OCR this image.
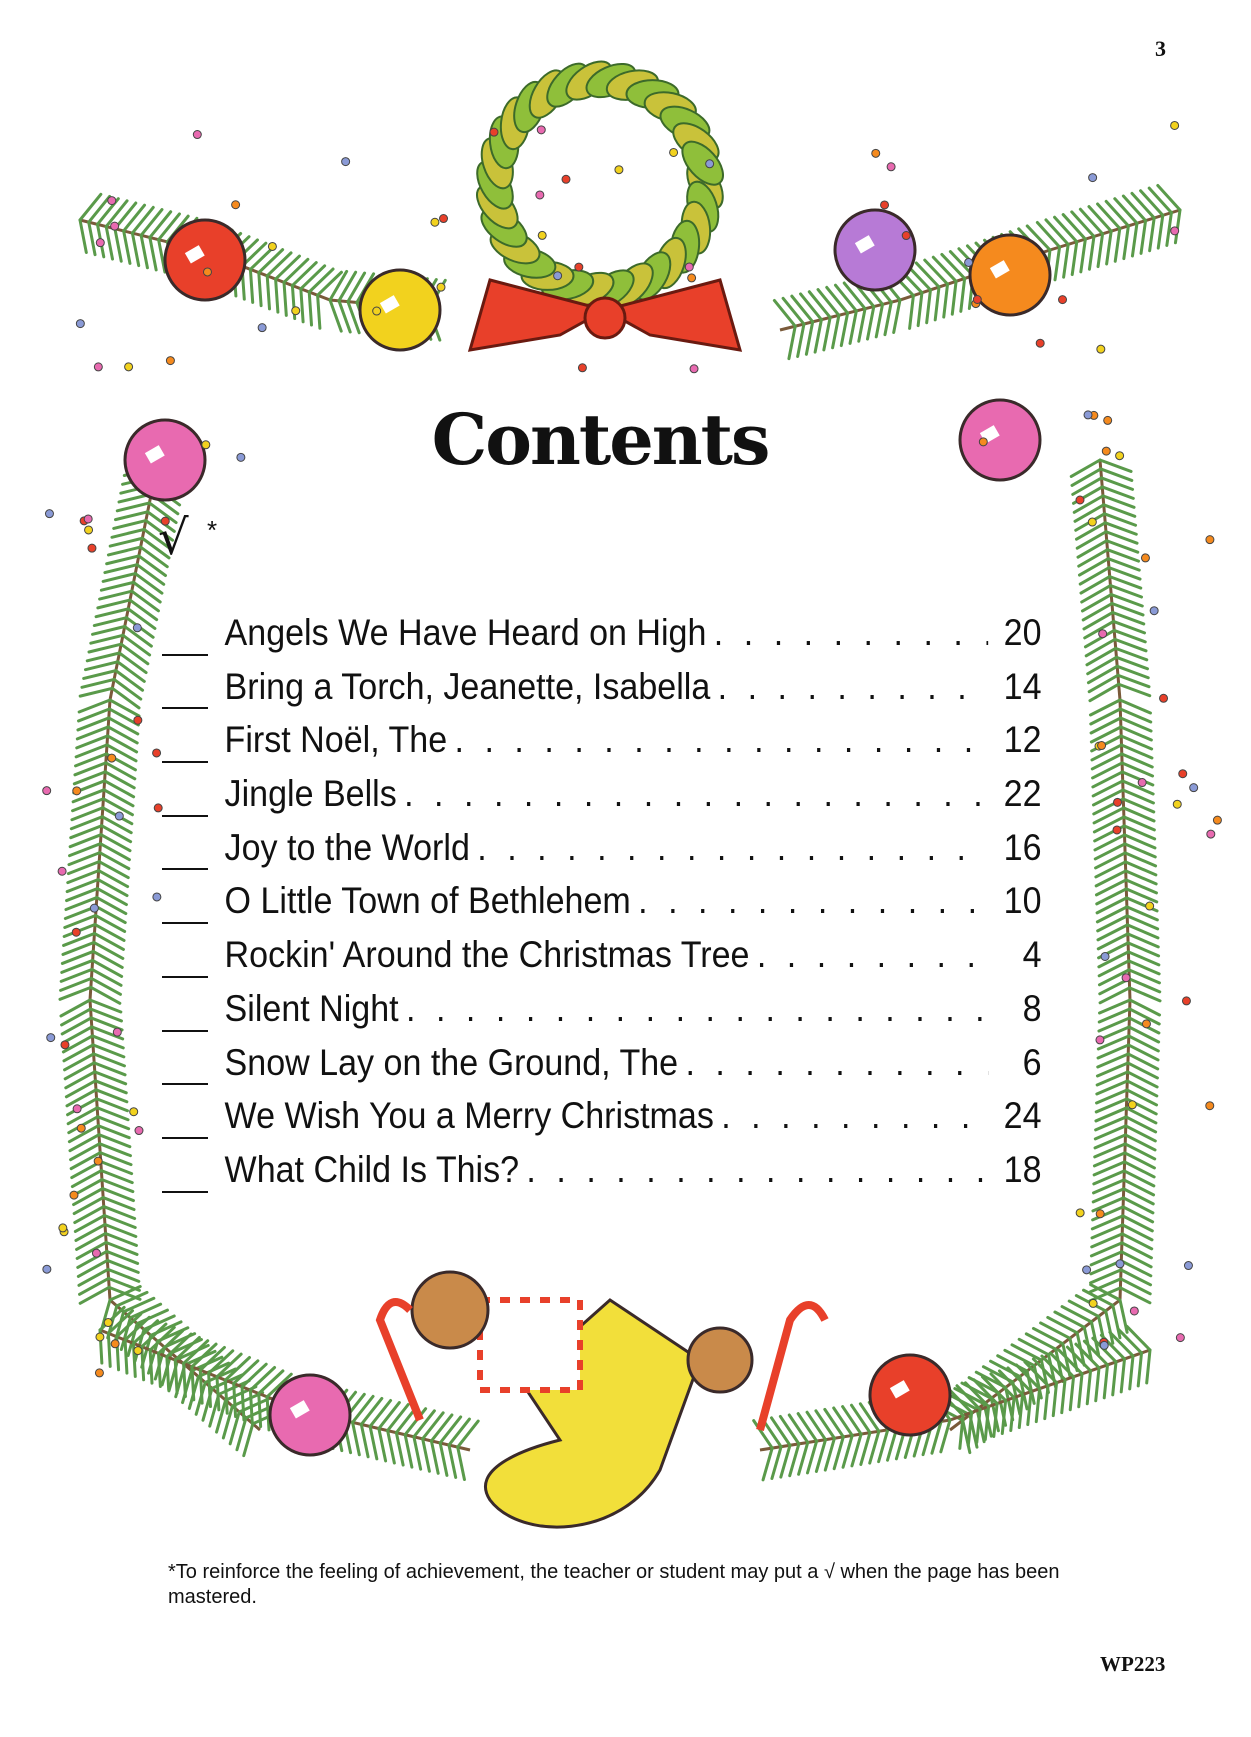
3
Contents
√ *
Angels We Have Heard on High . . .	20
Bring a Torch, Jeanette, Isabella . . .	14
First Noël, The . . .	12
Jingle Bells . . .	22
Joy to the World . . .	16
O Little Town of Bethlehem . . .	10
Rockin' Around the Christmas Tree . . .	4
Silent Night . . .	8
Snow Lay on the Ground, The . . .	6
We Wish You a Merry Christmas . . .	24
What Child Is This? . . .	18
*To reinforce the feeling of achievement, the teacher or student may put a √ when the page has been mastered.
WP223
